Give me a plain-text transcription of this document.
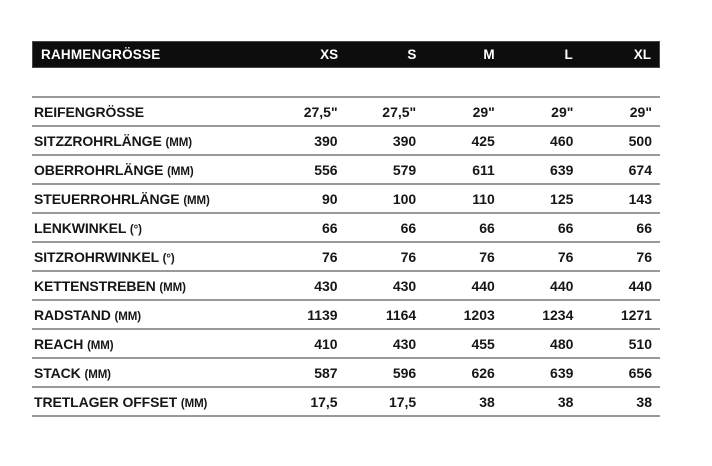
RAHMENGRÖSSE	XS	S	M	L	XL
REIFENGRÖSSE	27,5"	27,5"	29"	29"	29"
SITZZROHRLÄNGE (MM)	390	390	425	460	500
OBERROHRLÄNGE (MM)	556	579	611	639	674
STEUERROHRLÄNGE (MM)	90	100	110	125	143
LENKWINKEL (°)	66	66	66	66	66
SITZROHRWINKEL (°)	76	76	76	76	76
KETTENSTREBEN (MM)	430	430	440	440	440
RADSTAND (MM)	1139	1164	1203	1234	1271
REACH (MM)	410	430	455	480	510
STACK (MM)	587	596	626	639	656
TRETLAGER OFFSET (MM)	17,5	17,5	38	38	38
